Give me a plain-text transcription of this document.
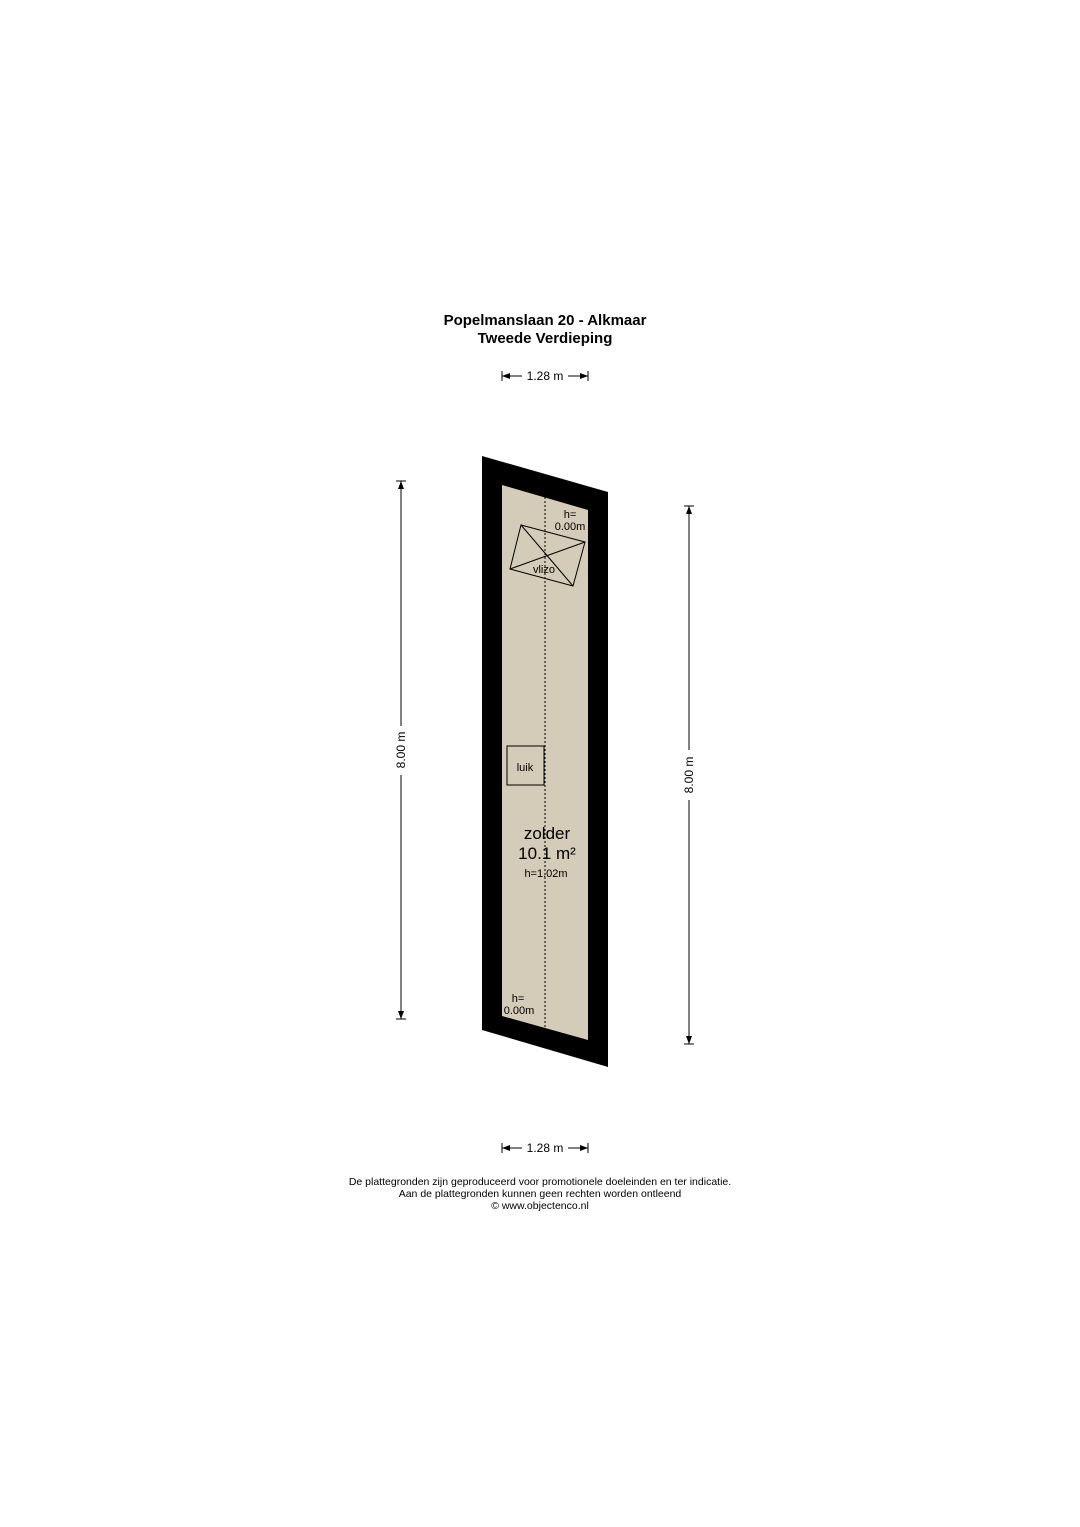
Popelmanslaan 20 - Alkmaar
Tweede Verdieping
1.28 m
vlizo
h=
0.00m
luik
zolder
10.1 m²
h=1.02m
h=
0.00m
8.00 m
8.00 m
1.28 m
De plattegronden zijn geproduceerd voor promotionele doeleinden en ter indicatie.
Aan de plattegronden kunnen geen rechten worden ontleend
© www.objectenco.nl
